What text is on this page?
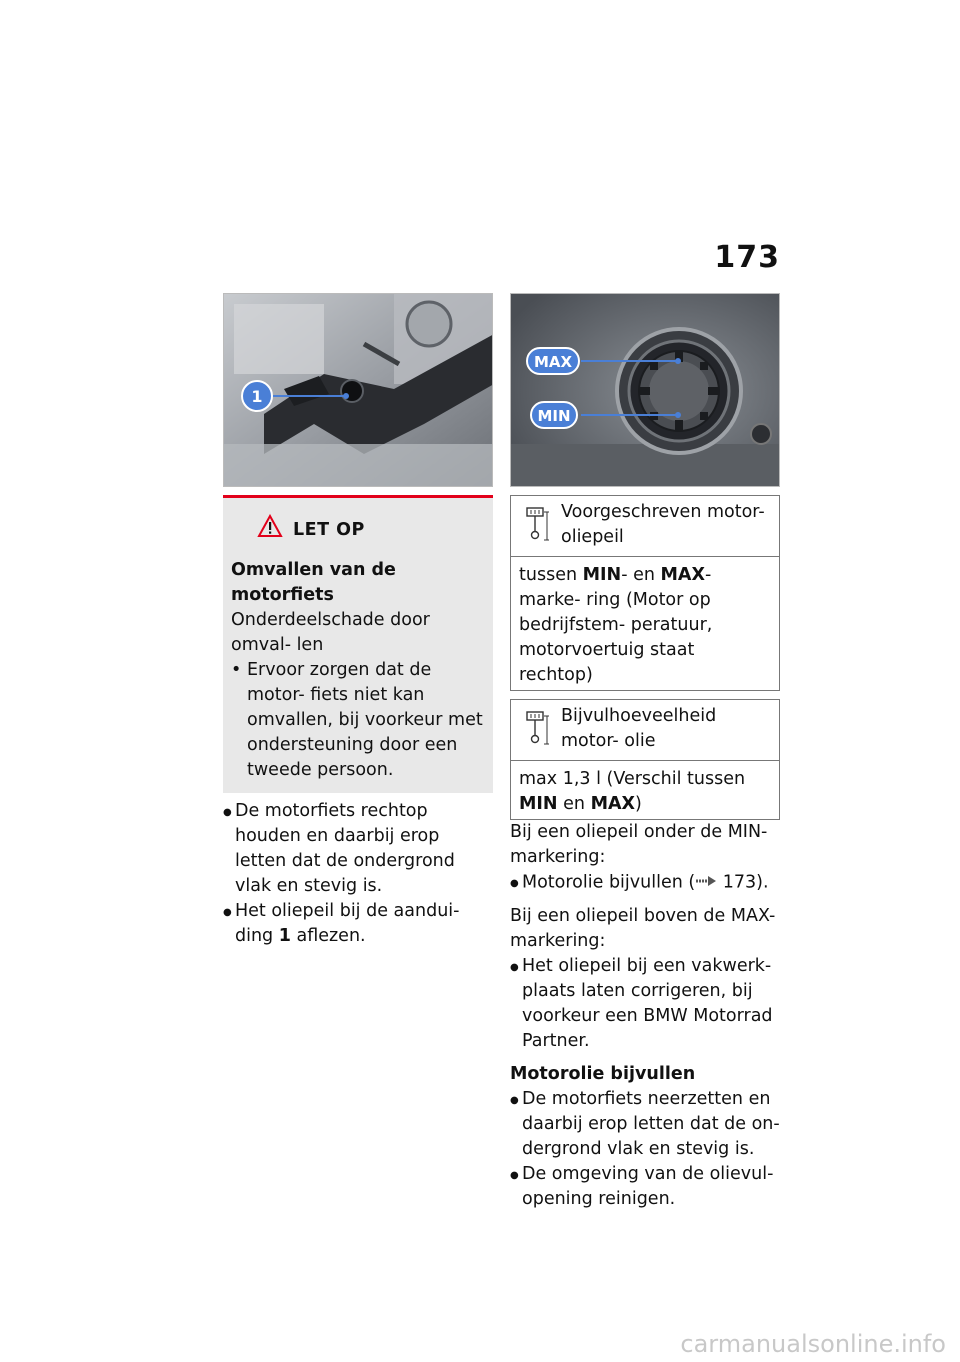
173
1
LET OP
Omvallen van de motorfiets
Onderdeelschade door omval- len
• Ervoor zorgen dat de motor- fiets niet kan omvallen, bij voorkeur met ondersteuning door een tweede persoon.
● De motorfiets rechtop houden en daarbij erop letten dat de ondergrond vlak en stevig is.
● Het oliepeil bij de aandui- ding 1 aflezen.
MAX
MIN
Voorgeschreven motor- oliepeil
tussen MIN- en MAX-marke- ring (Motor op bedrijfstem- peratuur, motorvoertuig staat rechtop)
Bijvulhoeveelheid motor- olie
max 1,3 l (Verschil tussen MIN en MAX)
Bij een oliepeil onder de MIN- markering:
● Motorolie bijvullen ( 173).
Bij een oliepeil boven de MAX- markering:
● Het oliepeil bij een vakwerk- plaats laten corrigeren, bij voorkeur een BMW Motorrad Partner.
Motorolie bijvullen
● De motorfiets neerzetten en daarbij erop letten dat de on- dergrond vlak en stevig is.
● De omgeving van de olievul- opening reinigen.
carmanualsonline.info
